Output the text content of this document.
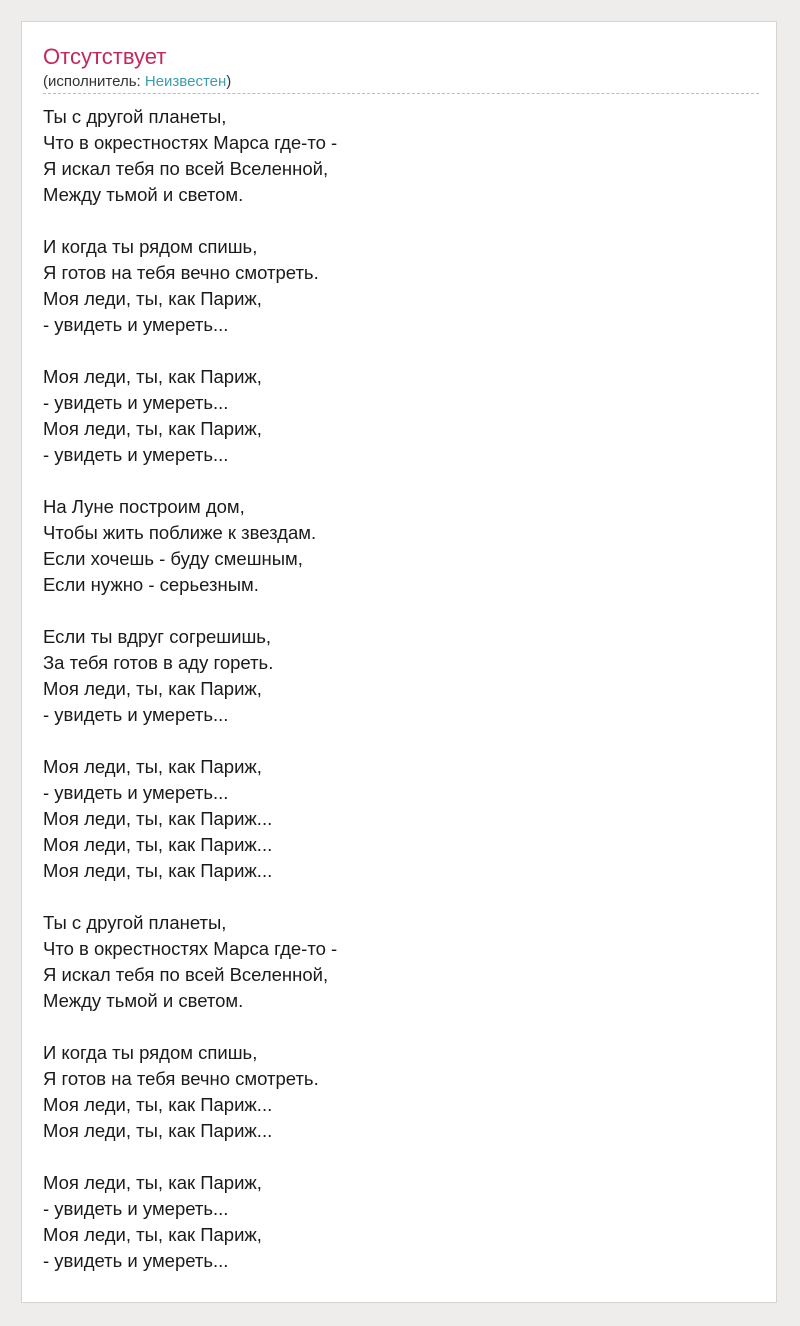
Отсутствует
(исполнитель: Неизвестен)
Ты с другой планеты,
Что в окрестностях Марса где-то -
Я искал тебя по всей Вселенной,
Между тьмой и светом.
И когда ты рядом спишь,
Я готов на тебя вечно смотреть.
Моя леди, ты, как Париж,
- увидеть и умереть...
Моя леди, ты, как Париж,
- увидеть и умереть...
Моя леди, ты, как Париж,
- увидеть и умереть...
На Луне построим дом,
Чтобы жить поближе к звездам.
Если хочешь - буду смешным,
Если нужно - серьезным.
Если ты вдруг согрешишь,
За тебя готов в аду гореть.
Моя леди, ты, как Париж,
- увидеть и умереть...
Моя леди, ты, как Париж,
- увидеть и умереть...
Моя леди, ты, как Париж...
Моя леди, ты, как Париж...
Моя леди, ты, как Париж...
Ты с другой планеты,
Что в окрестностях Марса где-то -
Я искал тебя по всей Вселенной,
Между тьмой и светом.
И когда ты рядом спишь,
Я готов на тебя вечно смотреть.
Моя леди, ты, как Париж...
Моя леди, ты, как Париж...
Моя леди, ты, как Париж,
- увидеть и умереть...
Моя леди, ты, как Париж,
- увидеть и умереть...
